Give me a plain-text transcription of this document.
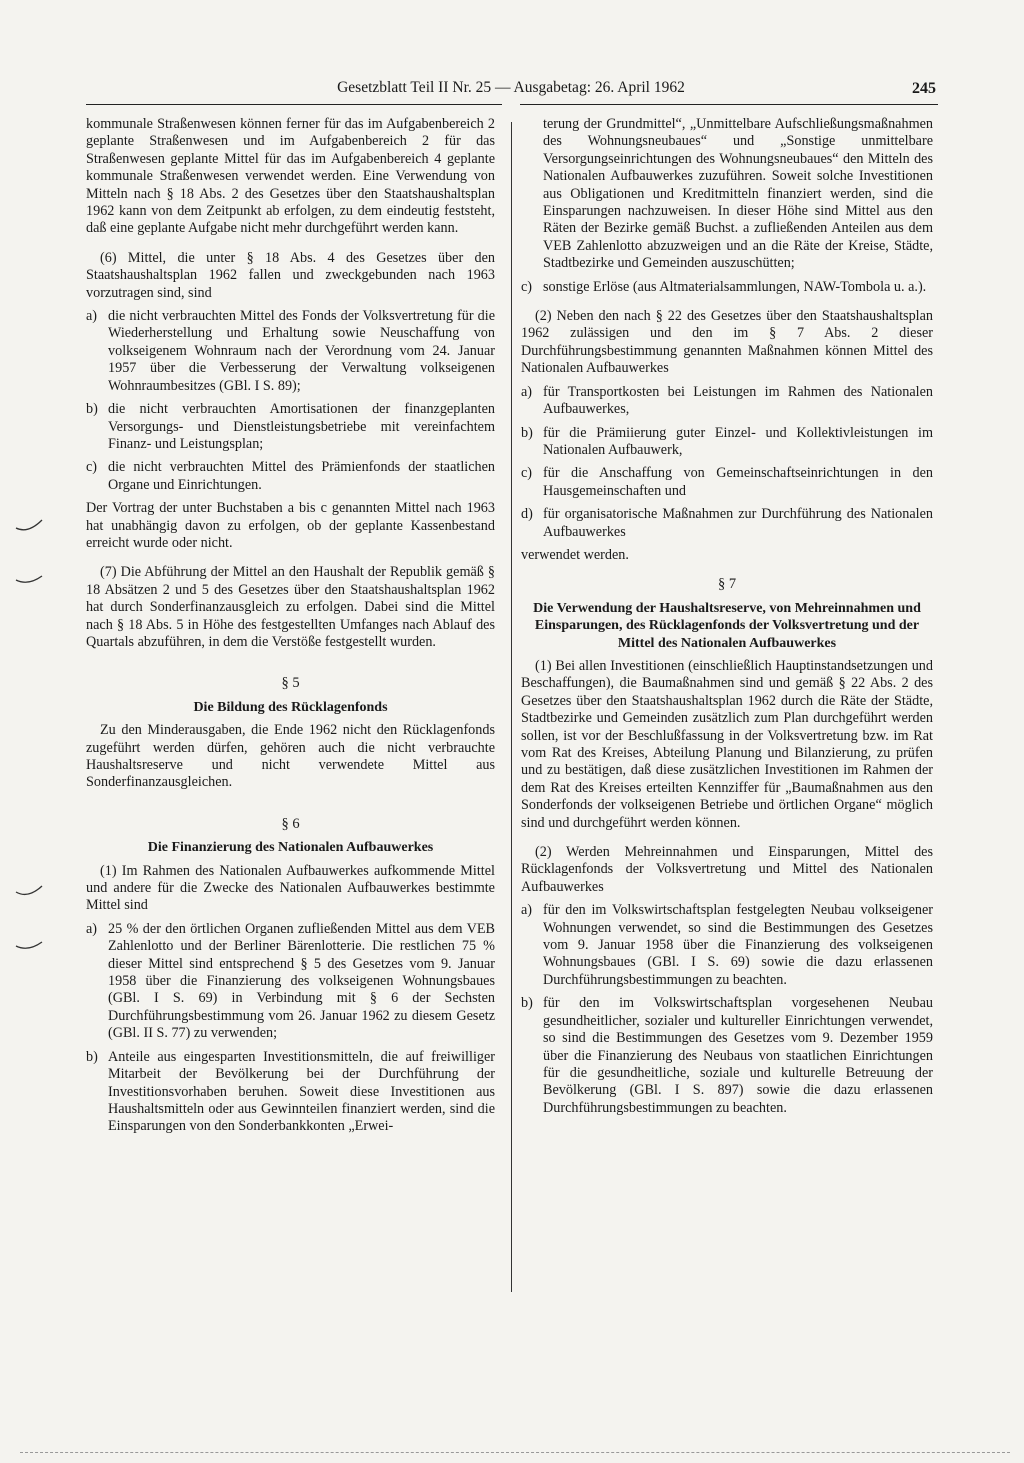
Gesetzblatt Teil II Nr. 25 — Ausgabetag: 26. April 1962	245

kommunale Straßenwesen können ferner für das im Aufgabenbereich 2 geplante Straßenwesen und im Aufgabenbereich 2 für das Straßenwesen geplante Mittel für das im Aufgabenbereich 4 geplante kommunale Straßenwesen verwendet werden. Eine Verwendung von Mitteln nach § 18 Abs. 2 des Gesetzes über den Staatshaushaltsplan 1962 kann von dem Zeitpunkt ab erfolgen, zu dem eindeutig feststeht, daß eine geplante Aufgabe nicht mehr durchgeführt werden kann.

(6) Mittel, die unter § 18 Abs. 4 des Gesetzes über den Staatshaushaltsplan 1962 fallen und zweckgebunden nach 1963 vorzutragen sind, sind

a) die nicht verbrauchten Mittel des Fonds der Volksvertretung für die Wiederherstellung und Erhaltung sowie Neuschaffung von volkseigenem Wohnraum nach der Verordnung vom 24. Januar 1957 über die Verbesserung der Verwaltung volkseigenen Wohnraumbesitzes (GBl. I S. 89);
b) die nicht verbrauchten Amortisationen der finanzgeplanten Versorgungs- und Dienstleistungsbetriebe mit vereinfachtem Finanz- und Leistungsplan;
c) die nicht verbrauchten Mittel des Prämienfonds der staatlichen Organe und Einrichtungen.

Der Vortrag der unter Buchstaben a bis c genannten Mittel nach 1963 hat unabhängig davon zu erfolgen, ob der geplante Kassenbestand erreicht wurde oder nicht.

(7) Die Abführung der Mittel an den Haushalt der Republik gemäß § 18 Absätzen 2 und 5 des Gesetzes über den Staatshaushaltsplan 1962 hat durch Sonderfinanzausgleich zu erfolgen. Dabei sind die Mittel nach § 18 Abs. 5 in Höhe des festgestellten Umfanges nach Ablauf des Quartals abzuführen, in dem die Verstöße festgestellt wurden.

§ 5
Die Bildung des Rücklagenfonds

Zu den Minderausgaben, die Ende 1962 nicht den Rücklagenfonds zugeführt werden dürfen, gehören auch die nicht verbrauchte Haushaltsreserve und nicht verwendete Mittel aus Sonderfinanzausgleichen.

§ 6
Die Finanzierung des Nationalen Aufbauwerkes

(1) Im Rahmen des Nationalen Aufbauwerkes aufkommende Mittel und andere für die Zwecke des Nationalen Aufbauwerkes bestimmte Mittel sind

a) 25 % der den örtlichen Organen zufließenden Mittel aus dem VEB Zahlenlotto und der Berliner Bärenlotterie. Die restlichen 75 % dieser Mittel sind entsprechend § 5 des Gesetzes vom 9. Januar 1958 über die Finanzierung des volkseigenen Wohnungsbaues (GBl. I S. 69) in Verbindung mit § 6 der Sechsten Durchführungsbestimmung vom 26. Januar 1962 zu diesem Gesetz (GBl. II S. 77) zu verwenden;
b) Anteile aus eingesparten Investitionsmitteln, die auf freiwilliger Mitarbeit der Bevölkerung bei der Durchführung der Investitionsvorhaben beruhen. Soweit diese Investitionen aus Haushaltsmitteln oder aus Gewinnteilen finanziert werden, sind die Einsparungen von den Sonderbankkonten „Erwei-

terung der Grundmittel“, „Unmittelbare Aufschließungsmaßnahmen des Wohnungsneubaues“ und „Sonstige unmittelbare Versorgungseinrichtungen des Wohnungsneubaues“ den Mitteln des Nationalen Aufbauwerkes zuzuführen. Soweit solche Investitionen aus Obligationen und Kreditmitteln finanziert werden, sind die Einsparungen nachzuweisen. In dieser Höhe sind Mittel aus den Räten der Bezirke gemäß Buchst. a zufließenden Anteilen aus dem VEB Zahlenlotto abzuzweigen und an die Räte der Kreise, Städte, Stadtbezirke und Gemeinden auszuschütten;

c) sonstige Erlöse (aus Altmaterialsammlungen, NAW-Tombola u. a.).

(2) Neben den nach § 22 des Gesetzes über den Staatshaushaltsplan 1962 zulässigen und den im § 7 Abs. 2 dieser Durchführungsbestimmung genannten Maßnahmen können Mittel des Nationalen Aufbauwerkes

a) für Transportkosten bei Leistungen im Rahmen des Nationalen Aufbauwerkes,
b) für die Prämiierung guter Einzel- und Kollektivleistungen im Nationalen Aufbauwerk,
c) für die Anschaffung von Gemeinschaftseinrichtungen in den Hausgemeinschaften und
d) für organisatorische Maßnahmen zur Durchführung des Nationalen Aufbauwerkes

verwendet werden.

§ 7
Die Verwendung der Haushaltsreserve, von Mehreinnahmen und Einsparungen, des Rücklagenfonds der Volksvertretung und der Mittel des Nationalen Aufbauwerkes

(1) Bei allen Investitionen (einschließlich Hauptinstandsetzungen und Beschaffungen), die Baumaßnahmen sind und gemäß § 22 Abs. 2 des Gesetzes über den Staatshaushaltsplan 1962 durch die Räte der Städte, Stadtbezirke und Gemeinden zusätzlich zum Plan durchgeführt werden sollen, ist vor der Beschlußfassung in der Volksvertretung bzw. im Rat vom Rat des Kreises, Abteilung Planung und Bilanzierung, zu prüfen und zu bestätigen, daß diese zusätzlichen Investitionen im Rahmen der dem Rat des Kreises erteilten Kennziffer für „Baumaßnahmen aus den Sonderfonds der volkseigenen Betriebe und örtlichen Organe“ möglich sind und durchgeführt werden können.

(2) Werden Mehreinnahmen und Einsparungen, Mittel des Rücklagenfonds der Volksvertretung und Mittel des Nationalen Aufbauwerkes

a) für den im Volkswirtschaftsplan festgelegten Neubau volkseigener Wohnungen verwendet, so sind die Bestimmungen des Gesetzes vom 9. Januar 1958 über die Finanzierung des volkseigenen Wohnungsbaues (GBl. I S. 69) sowie die dazu erlassenen Durchführungsbestimmungen zu beachten.
b) für den im Volkswirtschaftsplan vorgesehenen Neubau gesundheitlicher, sozialer und kultureller Einrichtungen verwendet, so sind die Bestimmungen des Gesetzes vom 9. Dezember 1959 über die Finanzierung des Neubaus von staatlichen Einrichtungen für die gesundheitliche, soziale und kulturelle Betreuung der Bevölkerung (GBl. I S. 897) sowie die dazu erlassenen Durchführungsbestimmungen zu beachten.
